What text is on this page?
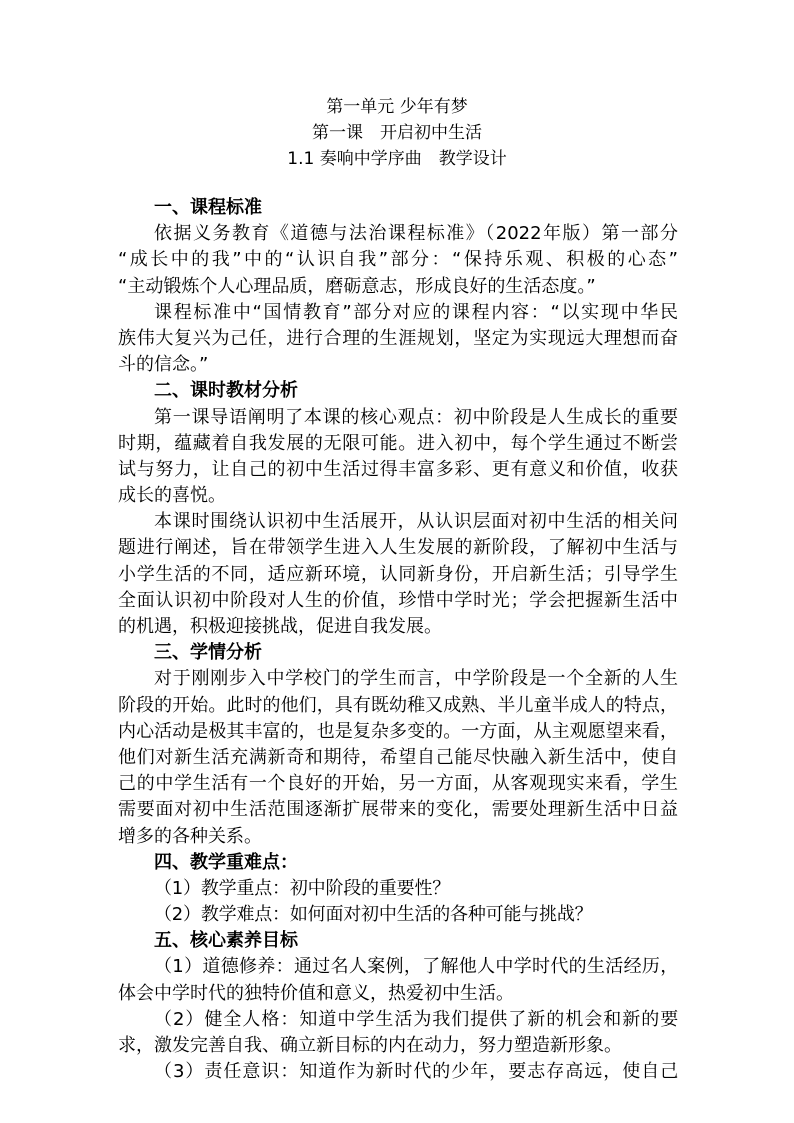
第一单元 少年有梦
第一课　开启初中生活
1.1 奏响中学序曲　教学设计
一、课程标准
依据义务教育《道德与法治课程标准》（2022年版）第一部分
“成长中的我”中的“认识自我”部分：“保持乐观、积极的心态”
“主动锻炼个人心理品质，磨砺意志，形成良好的生活态度。”
课程标准中“国情教育”部分对应的课程内容：“以实现中华民
族伟大复兴为己任，进行合理的生涯规划，坚定为实现远大理想而奋
斗的信念。”
二、课时教材分析
第一课导语阐明了本课的核心观点：初中阶段是人生成长的重要
时期，蕴藏着自我发展的无限可能。进入初中，每个学生通过不断尝
试与努力，让自己的初中生活过得丰富多彩、更有意义和价值，收获
成长的喜悦。
本课时围绕认识初中生活展开，从认识层面对初中生活的相关问
题进行阐述，旨在带领学生进入人生发展的新阶段，了解初中生活与
小学生活的不同，适应新环境，认同新身份，开启新生活；引导学生
全面认识初中阶段对人生的价值，珍惜中学时光；学会把握新生活中
的机遇，积极迎接挑战，促进自我发展。
三、学情分析
对于刚刚步入中学校门的学生而言，中学阶段是一个全新的人生
阶段的开始。此时的他们，具有既幼稚又成熟、半儿童半成人的特点，
内心活动是极其丰富的，也是复杂多变的。一方面，从主观愿望来看，
他们对新生活充满新奇和期待，希望自己能尽快融入新生活中，使自
己的中学生活有一个良好的开始，另一方面，从客观现实来看，学生
需要面对初中生活范围逐渐扩展带来的变化，需要处理新生活中日益
增多的各种关系。
四、教学重难点：
（1）教学重点：初中阶段的重要性？
（2）教学难点：如何面对初中生活的各种可能与挑战？
五、核心素养目标
（1）道德修养：通过名人案例，了解他人中学时代的生活经历，
体会中学时代的独特价值和意义，热爱初中生活。
（2）健全人格：知道中学生活为我们提供了新的机会和新的要
求，激发完善自我、确立新目标的内在动力，努力塑造新形象。
（3）责任意识：知道作为新时代的少年，要志存高远，使自己
